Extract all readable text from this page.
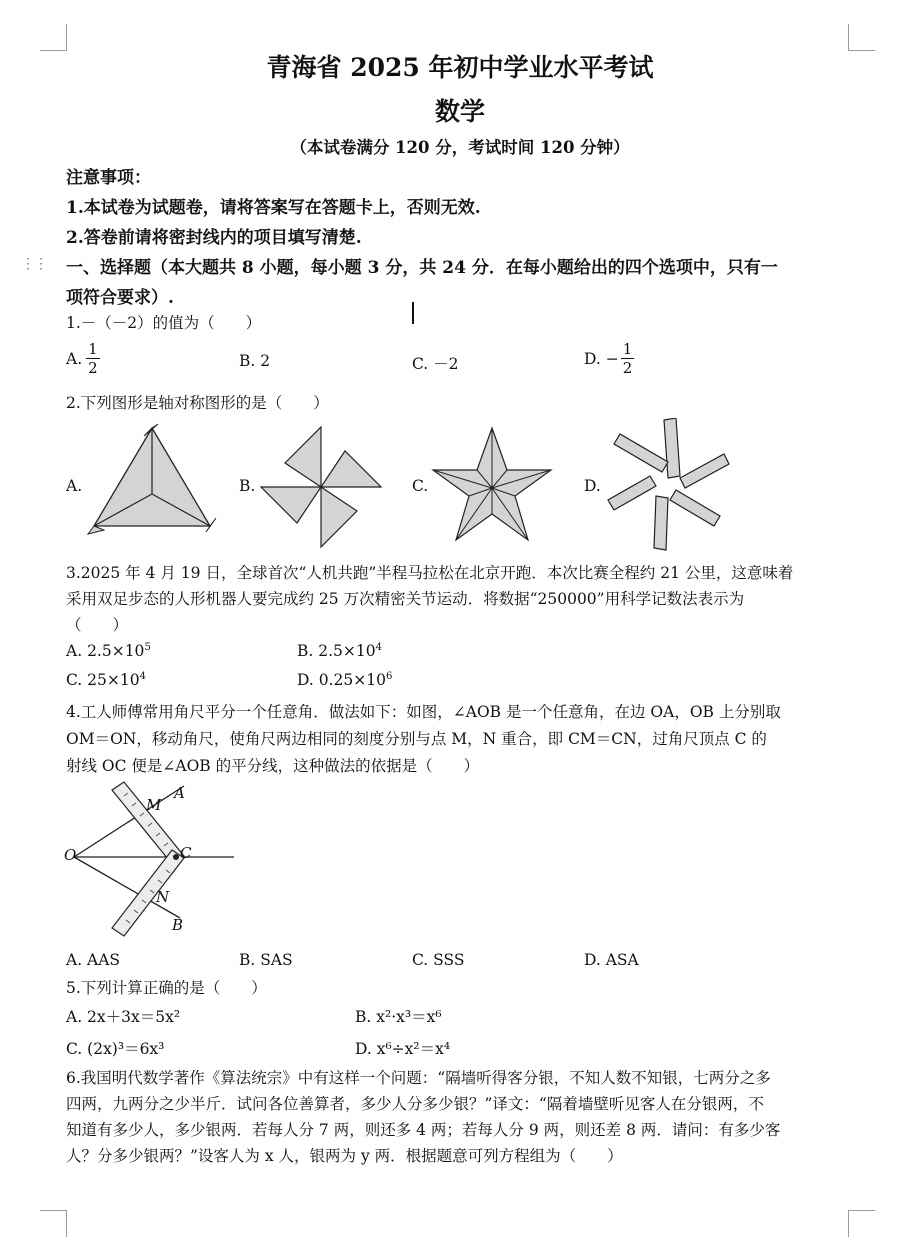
⋮⋮
青海省 2025 年初中学业水平考试
数学
（本试卷满分 120 分，考试时间 120 分钟）
注意事项：
1.本试卷为试题卷，请将答案写在答题卡上，否则无效.
2.答卷前请将密封线内的项目填写清楚.
一、选择题（本大题共 8 小题，每小题 3 分，共 24 分．在每小题给出的四个选项中，只有一
项符合要求）.
1.－（－2）的值为（　　）
A. $\frac{1}{2}$	B. 2	C. －2	D. − $\frac{1}{2}$
2.下列图形是轴对称图形的是（　　）
A.	B.	C.	D.
3.2025 年 4 月 19 日，全球首次“人机共跑”半程马拉松在北京开跑．本次比赛全程约 21 公里，这意味着
采用双足步态的人形机器人要完成约 25 万次精密关节运动．将数据“250000”用科学记数法表示为
（　　）
A. $2.5\times 10^5$	B. $2.5\times 10^4$
C. $25\times 10^4$	D. $0.25\times 10^6$
4.工人师傅常用角尺平分一个任意角．做法如下：如图，∠AOB 是一个任意角，在边 OA，OB 上分别取
OM＝ON，移动角尺，使角尺两边相同的刻度分别与点 M，N 重合，即 CM＝CN，过角尺顶点 C 的
射线 OC 便是∠AOB 的平分线，这种做法的依据是（　　）
O
A
B
C
M
N
A. AAS	B. SAS	C. SSS	D. ASA
5.下列计算正确的是（　　）
A. 2x＋3x＝5x²	B. x²·x³＝x⁶
C. (2x)³＝6x³	D. x⁶÷x²＝x⁴
6.我国明代数学著作《算法统宗》中有这样一个问题：“隔墙听得客分银，不知人数不知银，七两分之多
四两，九两分之少半斤．试问各位善算者，多少人分多少银？”译文：“隔着墙壁听见客人在分银两，不
知道有多少人，多少银两．若每人分 7 两，则还多 4 两；若每人分 9 两，则还差 8 两．请问：有多少客
人？分多少银两？”设客人为 x 人，银两为 y 两．根据题意可列方程组为（　　）
